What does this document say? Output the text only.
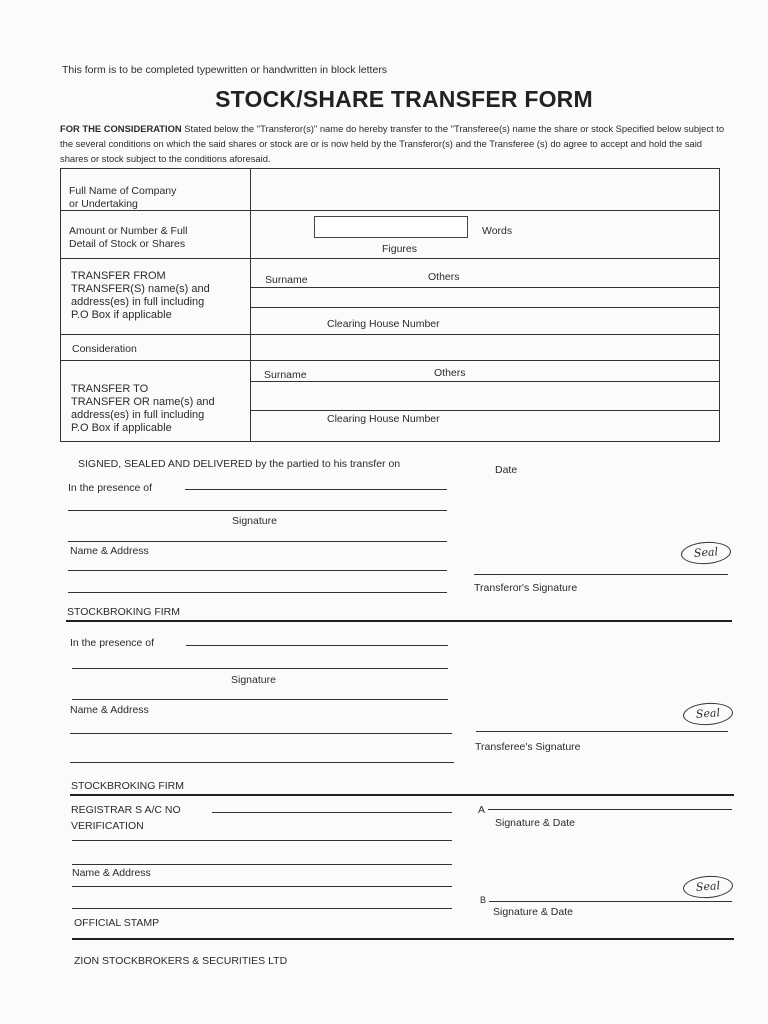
This form is to be completed typewritten or handwritten in block letters
STOCK/SHARE TRANSFER FORM
FOR THE CONSIDERATION Stated below the "Transferor(s)" name do hereby transfer to the "Transferee(s) name the share or stock Specified below subject to the several conditions on which the said shares or stock are or is now held by the Transferor(s) and the Transferee (s) do agree to accept and hold the said shares or stock subject to the conditions aforesaid.
Full Name of Company
or Undertaking
Amount or Number & Full
Detail of Stock or Shares
Words
Figures
TRANSFER FROM
TRANSFER(S) name(s) and
address(es) in full including
P.O Box if applicable
Surname	Others
Clearing House Number
Consideration
TRANSFER TO
TRANSFER OR name(s) and
address(es) in full including
P.O Box if applicable
Surname	Others
Clearing House Number
SIGNED, SEALED AND DELIVERED by the partied to his transfer on	Date
In the presence of
Signature
Name & Address	Seal
Transferor's Signature
STOCKBROKING FIRM
In the presence of
Signature
Name & Address	Seal
Transferee's Signature
STOCKBROKING FIRM
REGISTRAR S A/C NO
VERIFICATION
A
Signature & Date
Name & Address
Seal
B
Signature & Date
OFFICIAL STAMP
ZION STOCKBROKERS & SECURITIES LTD
